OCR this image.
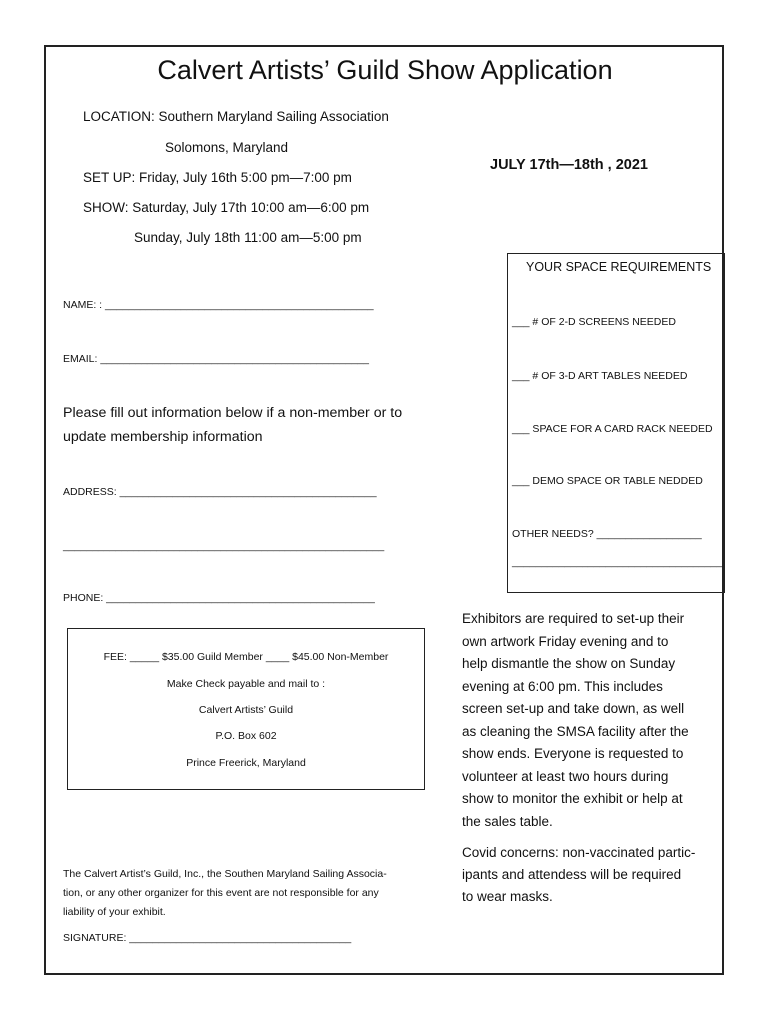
Calvert Artists’ Guild Show Application
LOCATION: Southern Maryland Sailing Association
Solomons, Maryland
SET UP: Friday, July 16th 5:00 pm—7:00 pm
SHOW: Saturday, July 17th 10:00 am—6:00 pm
Sunday, July 18th 11:00 am—5:00 pm
JULY 17th—18th , 2021
NAME: : ______________________________________________
EMAIL: ______________________________________________
Please fill out information below if a non-member or to
update membership information
ADDRESS: ____________________________________________
_______________________________________________________
PHONE: ______________________________________________
YOUR SPACE REQUIREMENTS
___ # OF 2-D SCREENS NEEDED
___ # OF 3-D ART TABLES NEEDED
___ SPACE FOR A CARD RACK NEEDED
___ DEMO SPACE OR TABLE NEDDED
OTHER NEEDS? __________________
____________________________________
FEE: _____ $35.00 Guild Member ____ $45.00 Non-Member
Make Check payable and mail to :
Calvert Artists’ Guild
P.O. Box 602
Prince Freerick, Maryland
The Calvert Artist’s Guild, Inc., the Southen Maryland Sailing Associa-
tion, or any other organizer for this event are not responsible for any
liability of your exhibit.
SIGNATURE: ______________________________________
Exhibitors are required to set-up their
own artwork Friday evening and to
help dismantle the show on Sunday
evening at 6:00 pm. This includes
screen set-up and take down, as well
as cleaning the SMSA facility after the
show ends. Everyone is requested to
volunteer at least two hours during
show to monitor the exhibit or help at
the sales table.
Covid concerns: non-vaccinated partic-
ipants and attendess will be required
to wear masks.
